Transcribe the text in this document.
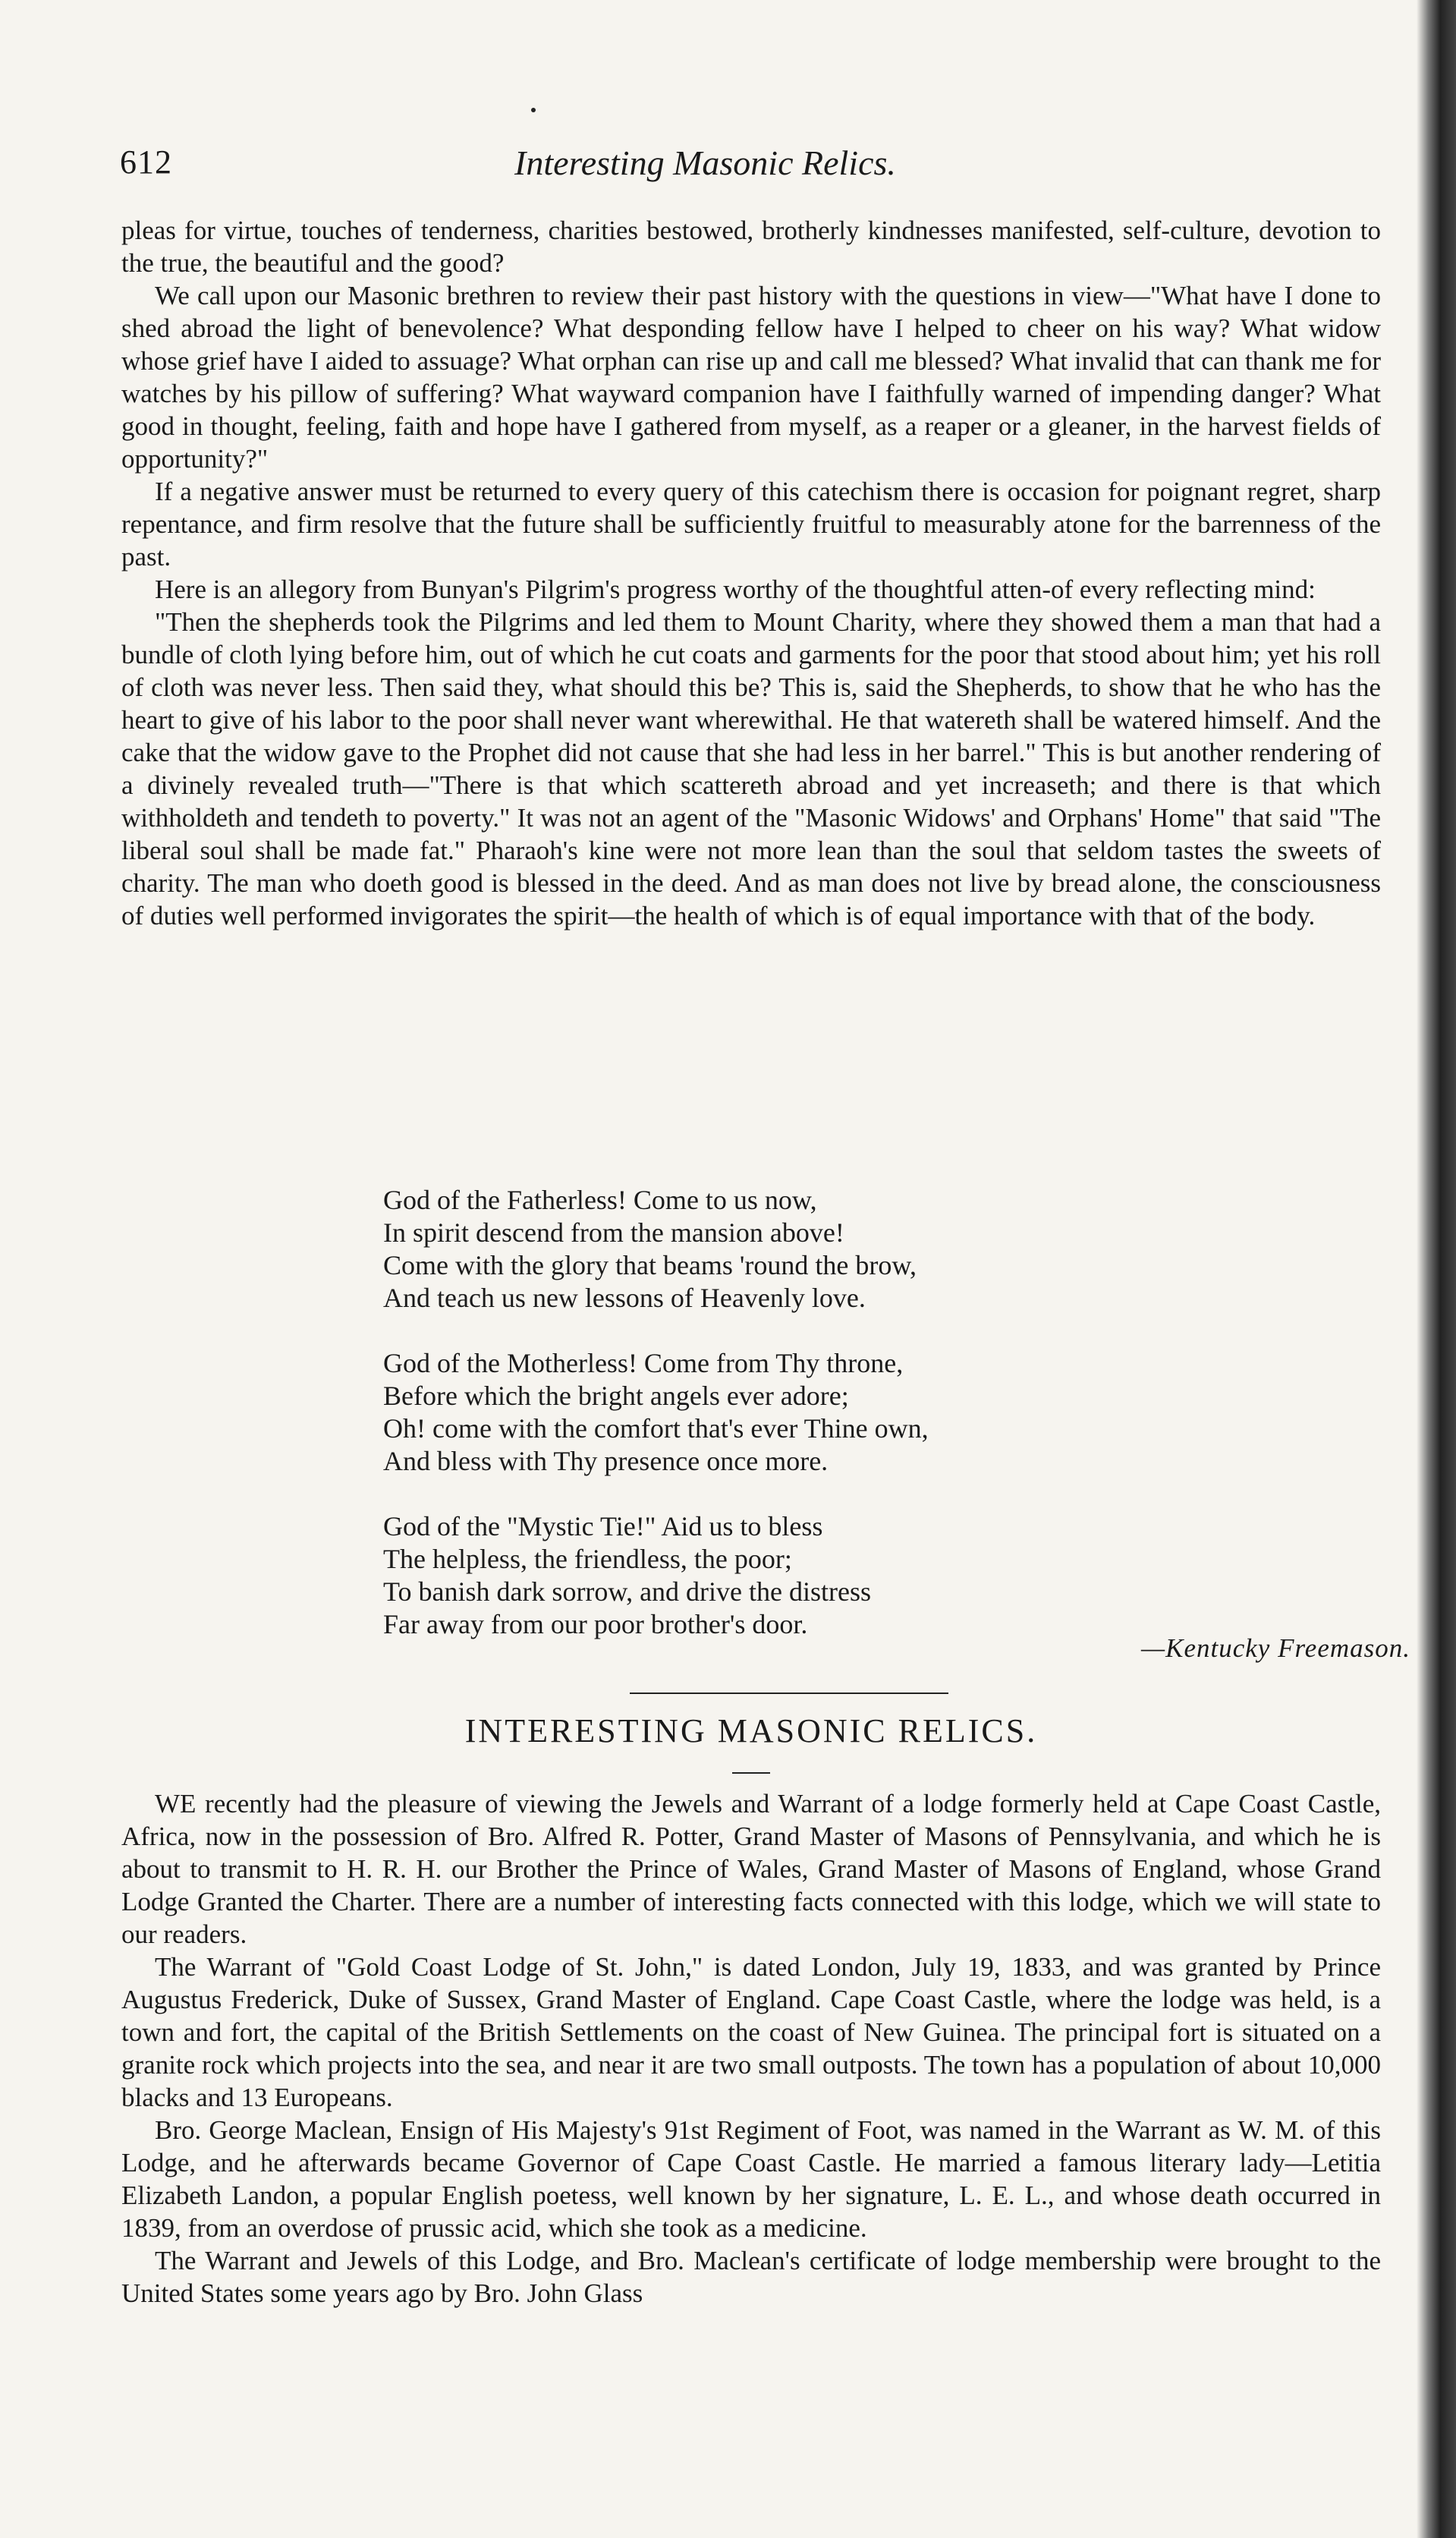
612	Interesting Masonic Relics.

pleas for virtue, touches of tenderness, charities bestowed, brotherly kindnesses manifested, self-culture, devotion to the true, the beautiful and the good?

We call upon our Masonic brethren to review their past history with the questions in view—"What have I done to shed abroad the light of benevolence? What desponding fellow have I helped to cheer on his way? What widow whose grief have I aided to assuage? What orphan can rise up and call me blessed? What invalid that can thank me for watches by his pillow of suffering? What wayward companion have I faithfully warned of impending danger? What good in thought, feeling, faith and hope have I gathered from myself, as a reaper or a gleaner, in the harvest fields of opportunity?"

If a negative answer must be returned to every query of this catechism there is occasion for poignant regret, sharp repentance, and firm resolve that the future shall be sufficiently fruitful to measurably atone for the barrenness of the past.

Here is an allegory from Bunyan's Pilgrim's progress worthy of the thoughtful atten-of every reflecting mind:

"Then the shepherds took the Pilgrims and led them to Mount Charity, where they showed them a man that had a bundle of cloth lying before him, out of which he cut coats and garments for the poor that stood about him; yet his roll of cloth was never less. Then said they, what should this be? This is, said the Shepherds, to show that he who has the heart to give of his labor to the poor shall never want wherewithal. He that watereth shall be watered himself. And the cake that the widow gave to the Prophet did not cause that she had less in her barrel." This is but another rendering of a divinely revealed truth—"There is that which scattereth abroad and yet increaseth; and there is that which withholdeth and tendeth to poverty." It was not an agent of the "Masonic Widows' and Orphans' Home" that said "The liberal soul shall be made fat." Pharaoh's kine were not more lean than the soul that seldom tastes the sweets of charity. The man who doeth good is blessed in the deed. And as man does not live by bread alone, the consciousness of duties well performed invigorates the spirit—the health of which is of equal importance with that of the body.

God of the Fatherless! Come to us now,
In spirit descend from the mansion above!
Come with the glory that beams 'round the brow,
And teach us new lessons of Heavenly love.
God of the Motherless! Come from Thy throne,
Before which the bright angels ever adore;
Oh! come with the comfort that's ever Thine own,
And bless with Thy presence once more.
God of the "Mystic Tie!" Aid us to bless
The helpless, the friendless, the poor;
To banish dark sorrow, and drive the distress
Far away from our poor brother's door.
—Kentucky Freemason.
INTERESTING MASONIC RELICS.

WE recently had the pleasure of viewing the Jewels and Warrant of a lodge formerly held at Cape Coast Castle, Africa, now in the possession of Bro. Alfred R. Potter, Grand Master of Masons of Pennsylvania, and which he is about to transmit to H. R. H. our Brother the Prince of Wales, Grand Master of Masons of England, whose Grand Lodge Granted the Charter. There are a number of interesting facts connected with this lodge, which we will state to our readers.

The Warrant of "Gold Coast Lodge of St. John," is dated London, July 19, 1833, and was granted by Prince Augustus Frederick, Duke of Sussex, Grand Master of England. Cape Coast Castle, where the lodge was held, is a town and fort, the capital of the British Settlements on the coast of New Guinea. The principal fort is situated on a granite rock which projects into the sea, and near it are two small outposts. The town has a population of about 10,000 blacks and 13 Europeans.

Bro. George Maclean, Ensign of His Majesty's 91st Regiment of Foot, was named in the Warrant as W. M. of this Lodge, and he afterwards became Governor of Cape Coast Castle. He married a famous literary lady—Letitia Elizabeth Landon, a popular English poetess, well known by her signature, L. E. L., and whose death occurred in 1839, from an overdose of prussic acid, which she took as a medicine.

The Warrant and Jewels of this Lodge, and Bro. Maclean's certificate of lodge membership were brought to the United States some years ago by Bro. John Glass
